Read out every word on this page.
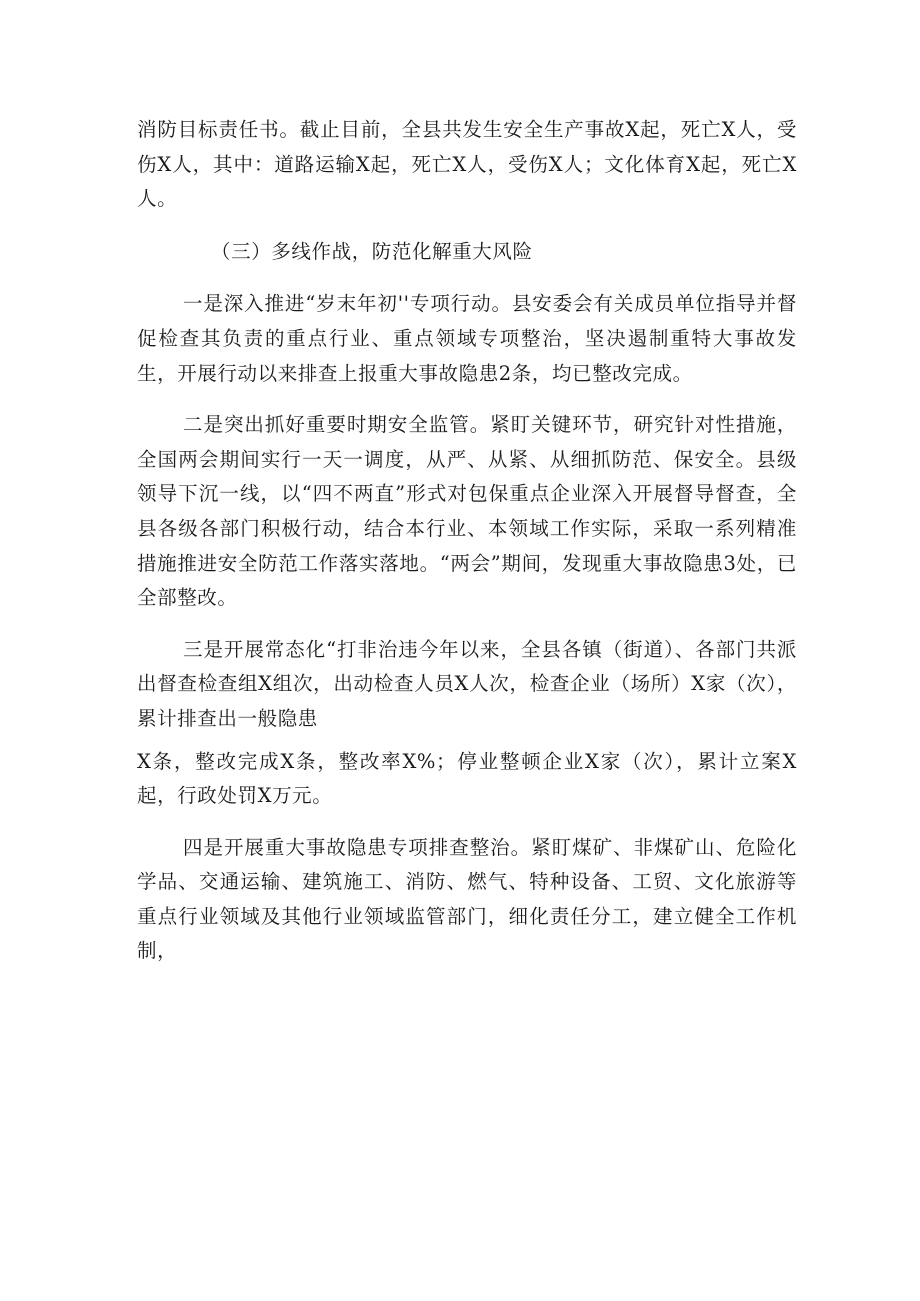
消防目标责任书。截止目前，全县共发生安全生产事故X起，死亡X人，受伤X人，其中：道路运输X起，死亡X人，受伤X人；文化体育X起，死亡X人。

（三）多线作战，防范化解重大风险

一是深入推进“岁末年初''专项行动。县安委会有关成员单位指导并督促检查其负责的重点行业、重点领域专项整治，坚决遏制重特大事故发生，开展行动以来排查上报重大事故隐患2条，均已整改完成。

二是突出抓好重要时期安全监管。紧盯关键环节，研究针对性措施，全国两会期间实行一天一调度，从严、从紧、从细抓防范、保安全。县级领导下沉一线，以“四不两直”形式对包保重点企业深入开展督导督查，全县各级各部门积极行动，结合本行业、本领域工作实际，采取一系列精准措施推进安全防范工作落实落地。“两会”期间，发现重大事故隐患3处，已全部整改。

三是开展常态化“打非治违今年以来，全县各镇（街道）、各部门共派出督查检查组X组次，出动检查人员X人次，检查企业（场所）X家（次），累计排查出一般隐患

X条，整改完成X条，整改率X%；停业整顿企业X家（次），累计立案X起，行政处罚X万元。

四是开展重大事故隐患专项排查整治。紧盯煤矿、非煤矿山、危险化学品、交通运输、建筑施工、消防、燃气、特种设备、工贸、文化旅游等重点行业领域及其他行业领域监管部门，细化责任分工，建立健全工作机制，
